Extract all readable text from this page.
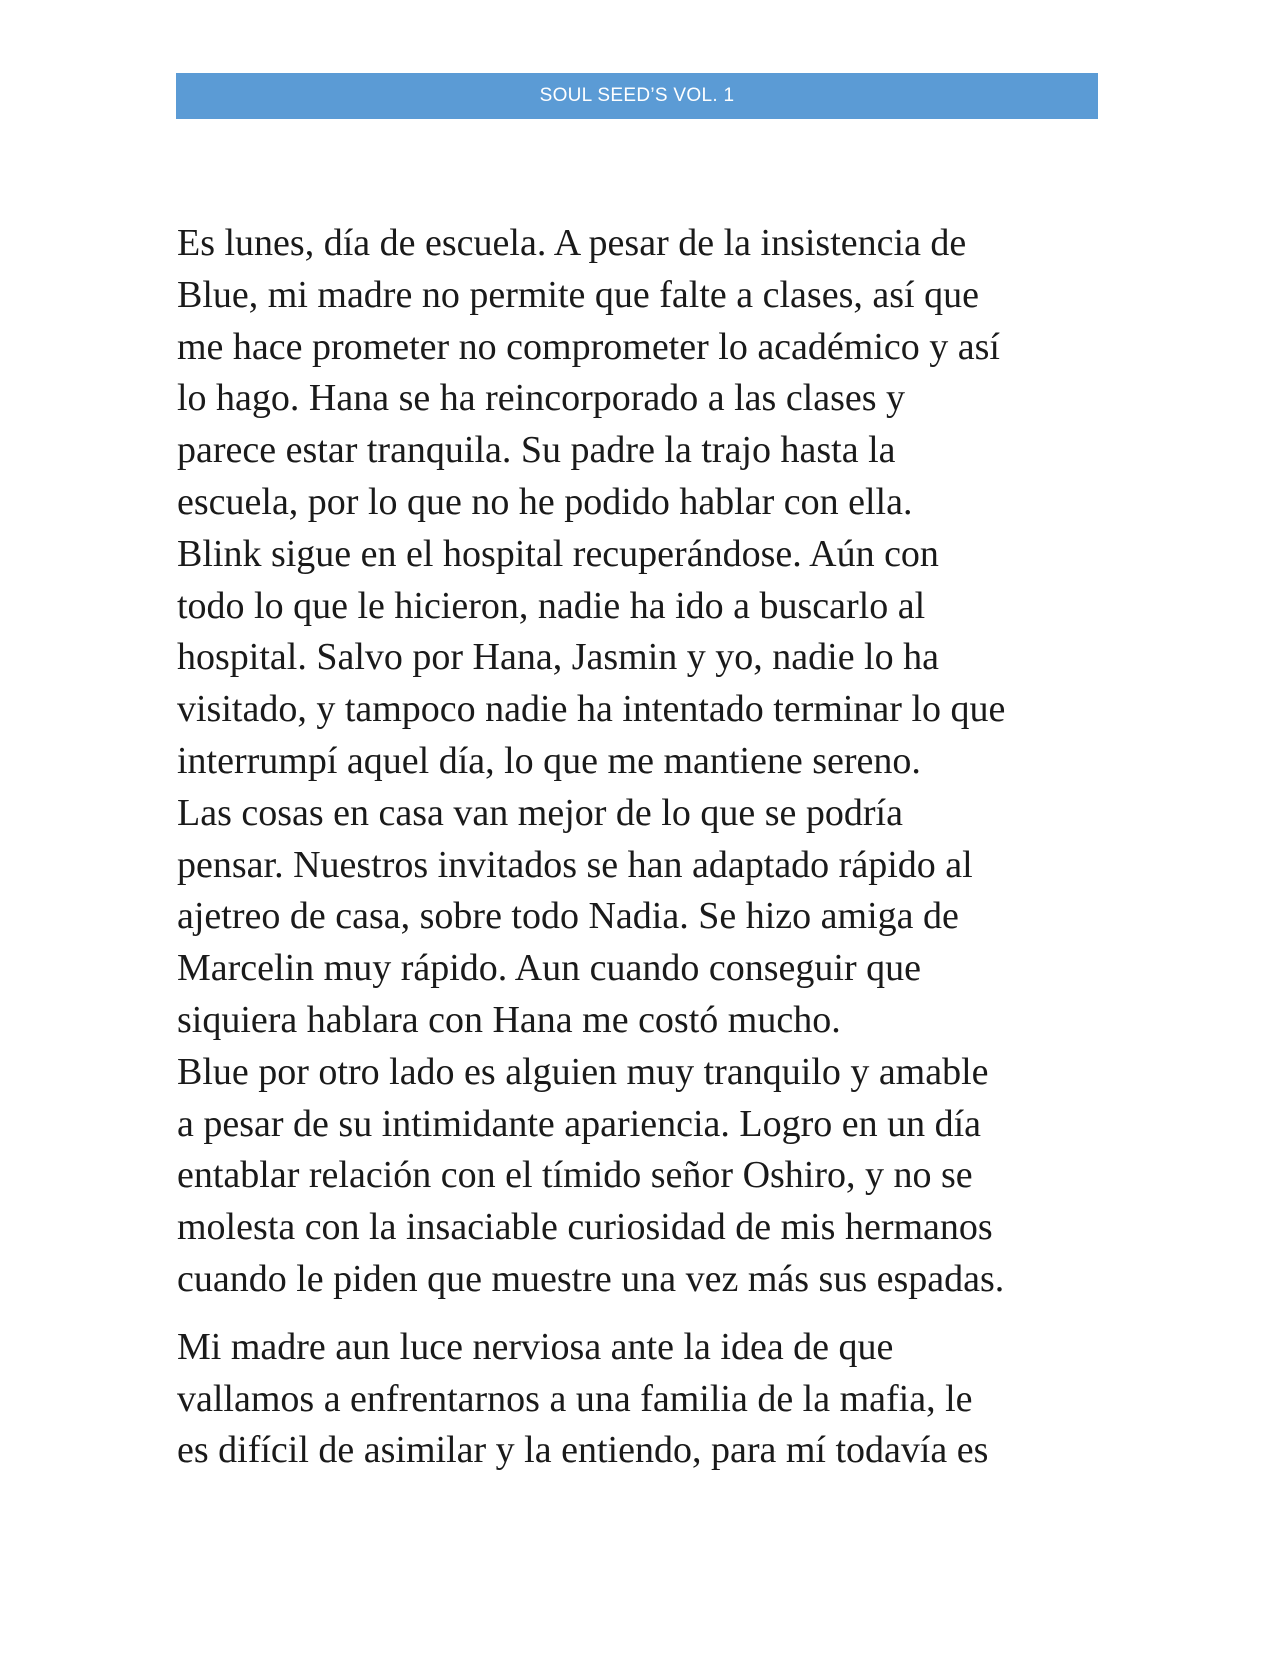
SOUL SEED’S VOL. 1
Es lunes, día de escuela. A pesar de la insistencia de
Blue, mi madre no permite que falte a clases, así que
me hace prometer no comprometer lo académico y así
lo hago. Hana se ha reincorporado a las clases y
parece estar tranquila. Su padre la trajo hasta la
escuela, por lo que no he podido hablar con ella.
Blink sigue en el hospital recuperándose. Aún con
todo lo que le hicieron, nadie ha ido a buscarlo al
hospital. Salvo por Hana, Jasmin y yo, nadie lo ha
visitado, y tampoco nadie ha intentado terminar lo que
interrumpí aquel día, lo que me mantiene sereno.
Las cosas en casa van mejor de lo que se podría
pensar. Nuestros invitados se han adaptado rápido al
ajetreo de casa, sobre todo Nadia. Se hizo amiga de
Marcelin muy rápido. Aun cuando conseguir que
siquiera hablara con Hana me costó mucho.
Blue por otro lado es alguien muy tranquilo y amable
a pesar de su intimidante apariencia. Logro en un día
entablar relación con el tímido señor Oshiro, y no se
molesta con la insaciable curiosidad de mis hermanos
cuando le piden que muestre una vez más sus espadas.
Mi madre aun luce nerviosa ante la idea de que
vallamos a enfrentarnos a una familia de la mafia, le
es difícil de asimilar y la entiendo, para mí todavía es
